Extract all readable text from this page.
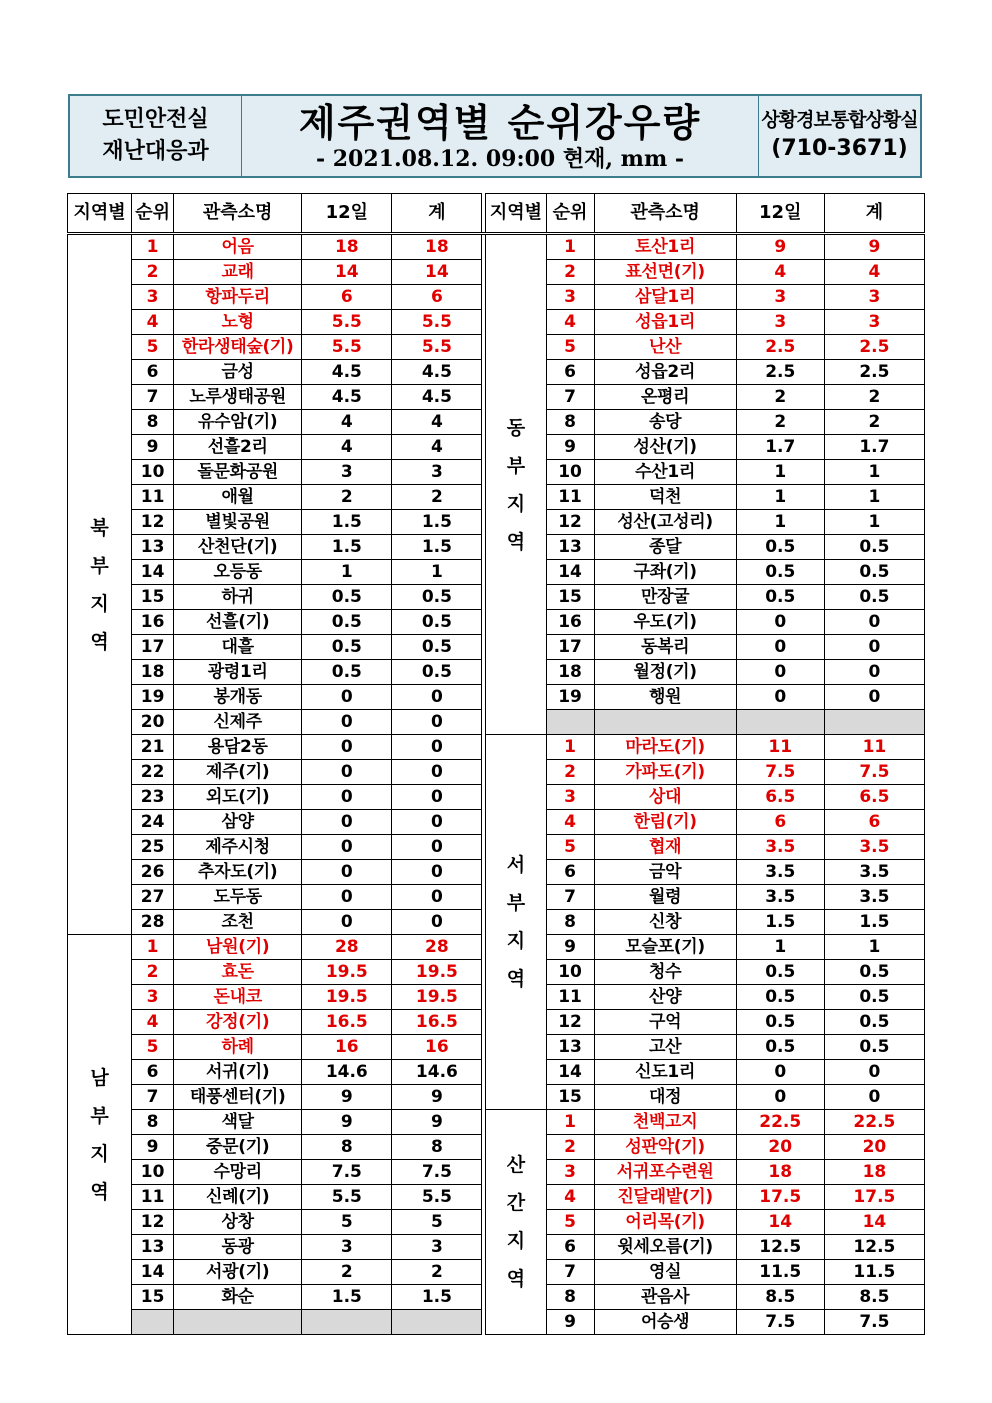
도민안전실
재난대응과
제주권역별 순위강우량
- 2021.08.12. 09:00 현재, mm -
상황경보통합상황실
(710-3671)
지역별	순위	관측소명	12일	계		지역별	순위	관측소명	12일	계

북부지역	1	어음	18	18		동부지역	1	토산1리	9	9
	2	교래	14	14			2	표선면(기)	4	4
	3	항파두리	6	6			3	삼달1리	3	3
	4	노형	5.5	5.5			4	성읍1리	3	3
	5	한라생태숲(기)	5.5	5.5			5	난산	2.5	2.5
	6	금성	4.5	4.5			6	성읍2리	2.5	2.5
	7	노루생태공원	4.5	4.5			7	온평리	2	2
	8	유수암(기)	4	4			8	송당	2	2
	9	선흘2리	4	4			9	성산(기)	1.7	1.7
	10	돌문화공원	3	3			10	수산1리	1	1
	11	애월	2	2			11	덕천	1	1
	12	별빛공원	1.5	1.5			12	성산(고성리)	1	1
	13	산천단(기)	1.5	1.5			13	종달	0.5	0.5
	14	오등동	1	1			14	구좌(기)	0.5	0.5
	15	하귀	0.5	0.5			15	만장굴	0.5	0.5
	16	선흘(기)	0.5	0.5			16	우도(기)	0	0
	17	대흘	0.5	0.5			17	동복리	0	0
	18	광령1리	0.5	0.5			18	월정(기)	0	0
	19	봉개동	0	0			19	행원	0	0
	20	신제주	0	0						
	21	용담2동	0	0		서부지역	1	마라도(기)	11	11
	22	제주(기)	0	0			2	가파도(기)	7.5	7.5
	23	외도(기)	0	0			3	상대	6.5	6.5
	24	삼양	0	0			4	한림(기)	6	6
	25	제주시청	0	0			5	협재	3.5	3.5
	26	추자도(기)	0	0			6	금악	3.5	3.5
	27	도두동	0	0			7	월령	3.5	3.5
	28	조천	0	0			8	신창	1.5	1.5

남부지역	1	남원(기)	28	28			9	모슬포(기)	1	1
	2	효돈	19.5	19.5			10	청수	0.5	0.5
	3	돈내코	19.5	19.5			11	산양	0.5	0.5
	4	강정(기)	16.5	16.5			12	구억	0.5	0.5
	5	하례	16	16			13	고산	0.5	0.5
	6	서귀(기)	14.6	14.6			14	신도1리	0	0
	7	태풍센터(기)	9	9			15	대정	0	0
	8	색달	9	9		산간지역	1	천백고지	22.5	22.5
	9	중문(기)	8	8			2	성판악(기)	20	20
	10	수망리	7.5	7.5			3	서귀포수련원	18	18
	11	신례(기)	5.5	5.5			4	진달래밭(기)	17.5	17.5
	12	상창	5	5			5	어리목(기)	14	14
	13	동광	3	3			6	윗세오름(기)	12.5	12.5
	14	서광(기)	2	2			7	영실	11.5	11.5
	15	화순	1.5	1.5			8	관음사	8.5	8.5
							9	어승생	7.5	7.5
